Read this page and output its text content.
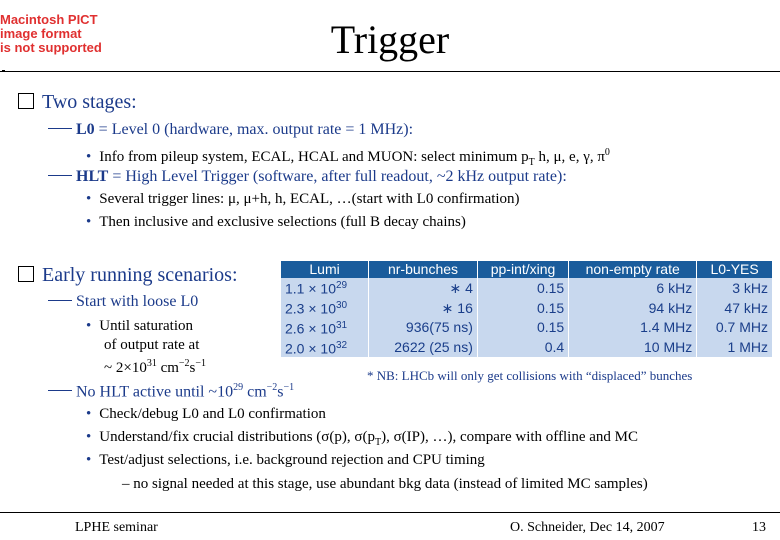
Macintosh PICT
image format
is not supported	Trigger
Two stages:
L0 = Level 0 (hardware, max. output rate = 1 MHz):
• Info from pileup system, ECAL, HCAL and MUON: select minimum $p_T$ h, μ, e, γ, $\pi^0$
HLT = High Level Trigger (software, after full readout, ~2 kHz output rate):
• Several trigger lines: μ, μ+h, h, ECAL, …(start with L0 confirmation)
• Then inclusive and exclusive selections (full B decay chains)
Early running scenarios:
Start with loose L0
• Until saturation
of output rate at
~ $2\times 10^{31}$ $cm^{-2}s^{-1}$
No HLT active until $\sim 10^{29}$ $cm^{-2}s^{-1}$
Lumi	nr-bunches	pp-int/xing	non-empty rate	L0-YES
$1.1 \times 10^{29}$	∗ 4	0.15	6 kHz	3 kHz
$2.3 \times 10^{30}$	∗ 16	0.15	94 kHz	47 kHz
$2.6 \times 10^{31}$	936(75 ns)	0.15	1.4 MHz	0.7 MHz
$2.0 \times 10^{32}$	2622 (25 ns)	0.4	10 MHz	1 MHz
* NB: LHCb will only get collisions with “displaced” bunches
• Check/debug L0 and L0 confirmation
• Understand/fix crucial distributions (σ(p), $\sigma(p_T)$, σ(IP), …), compare with offline and MC
• Test/adjust selections, i.e. background rejection and CPU timing
– no signal needed at this stage, use abundant bkg data (instead of limited MC samples)
LPHE seminar	O. Schneider, Dec 14, 2007	13
